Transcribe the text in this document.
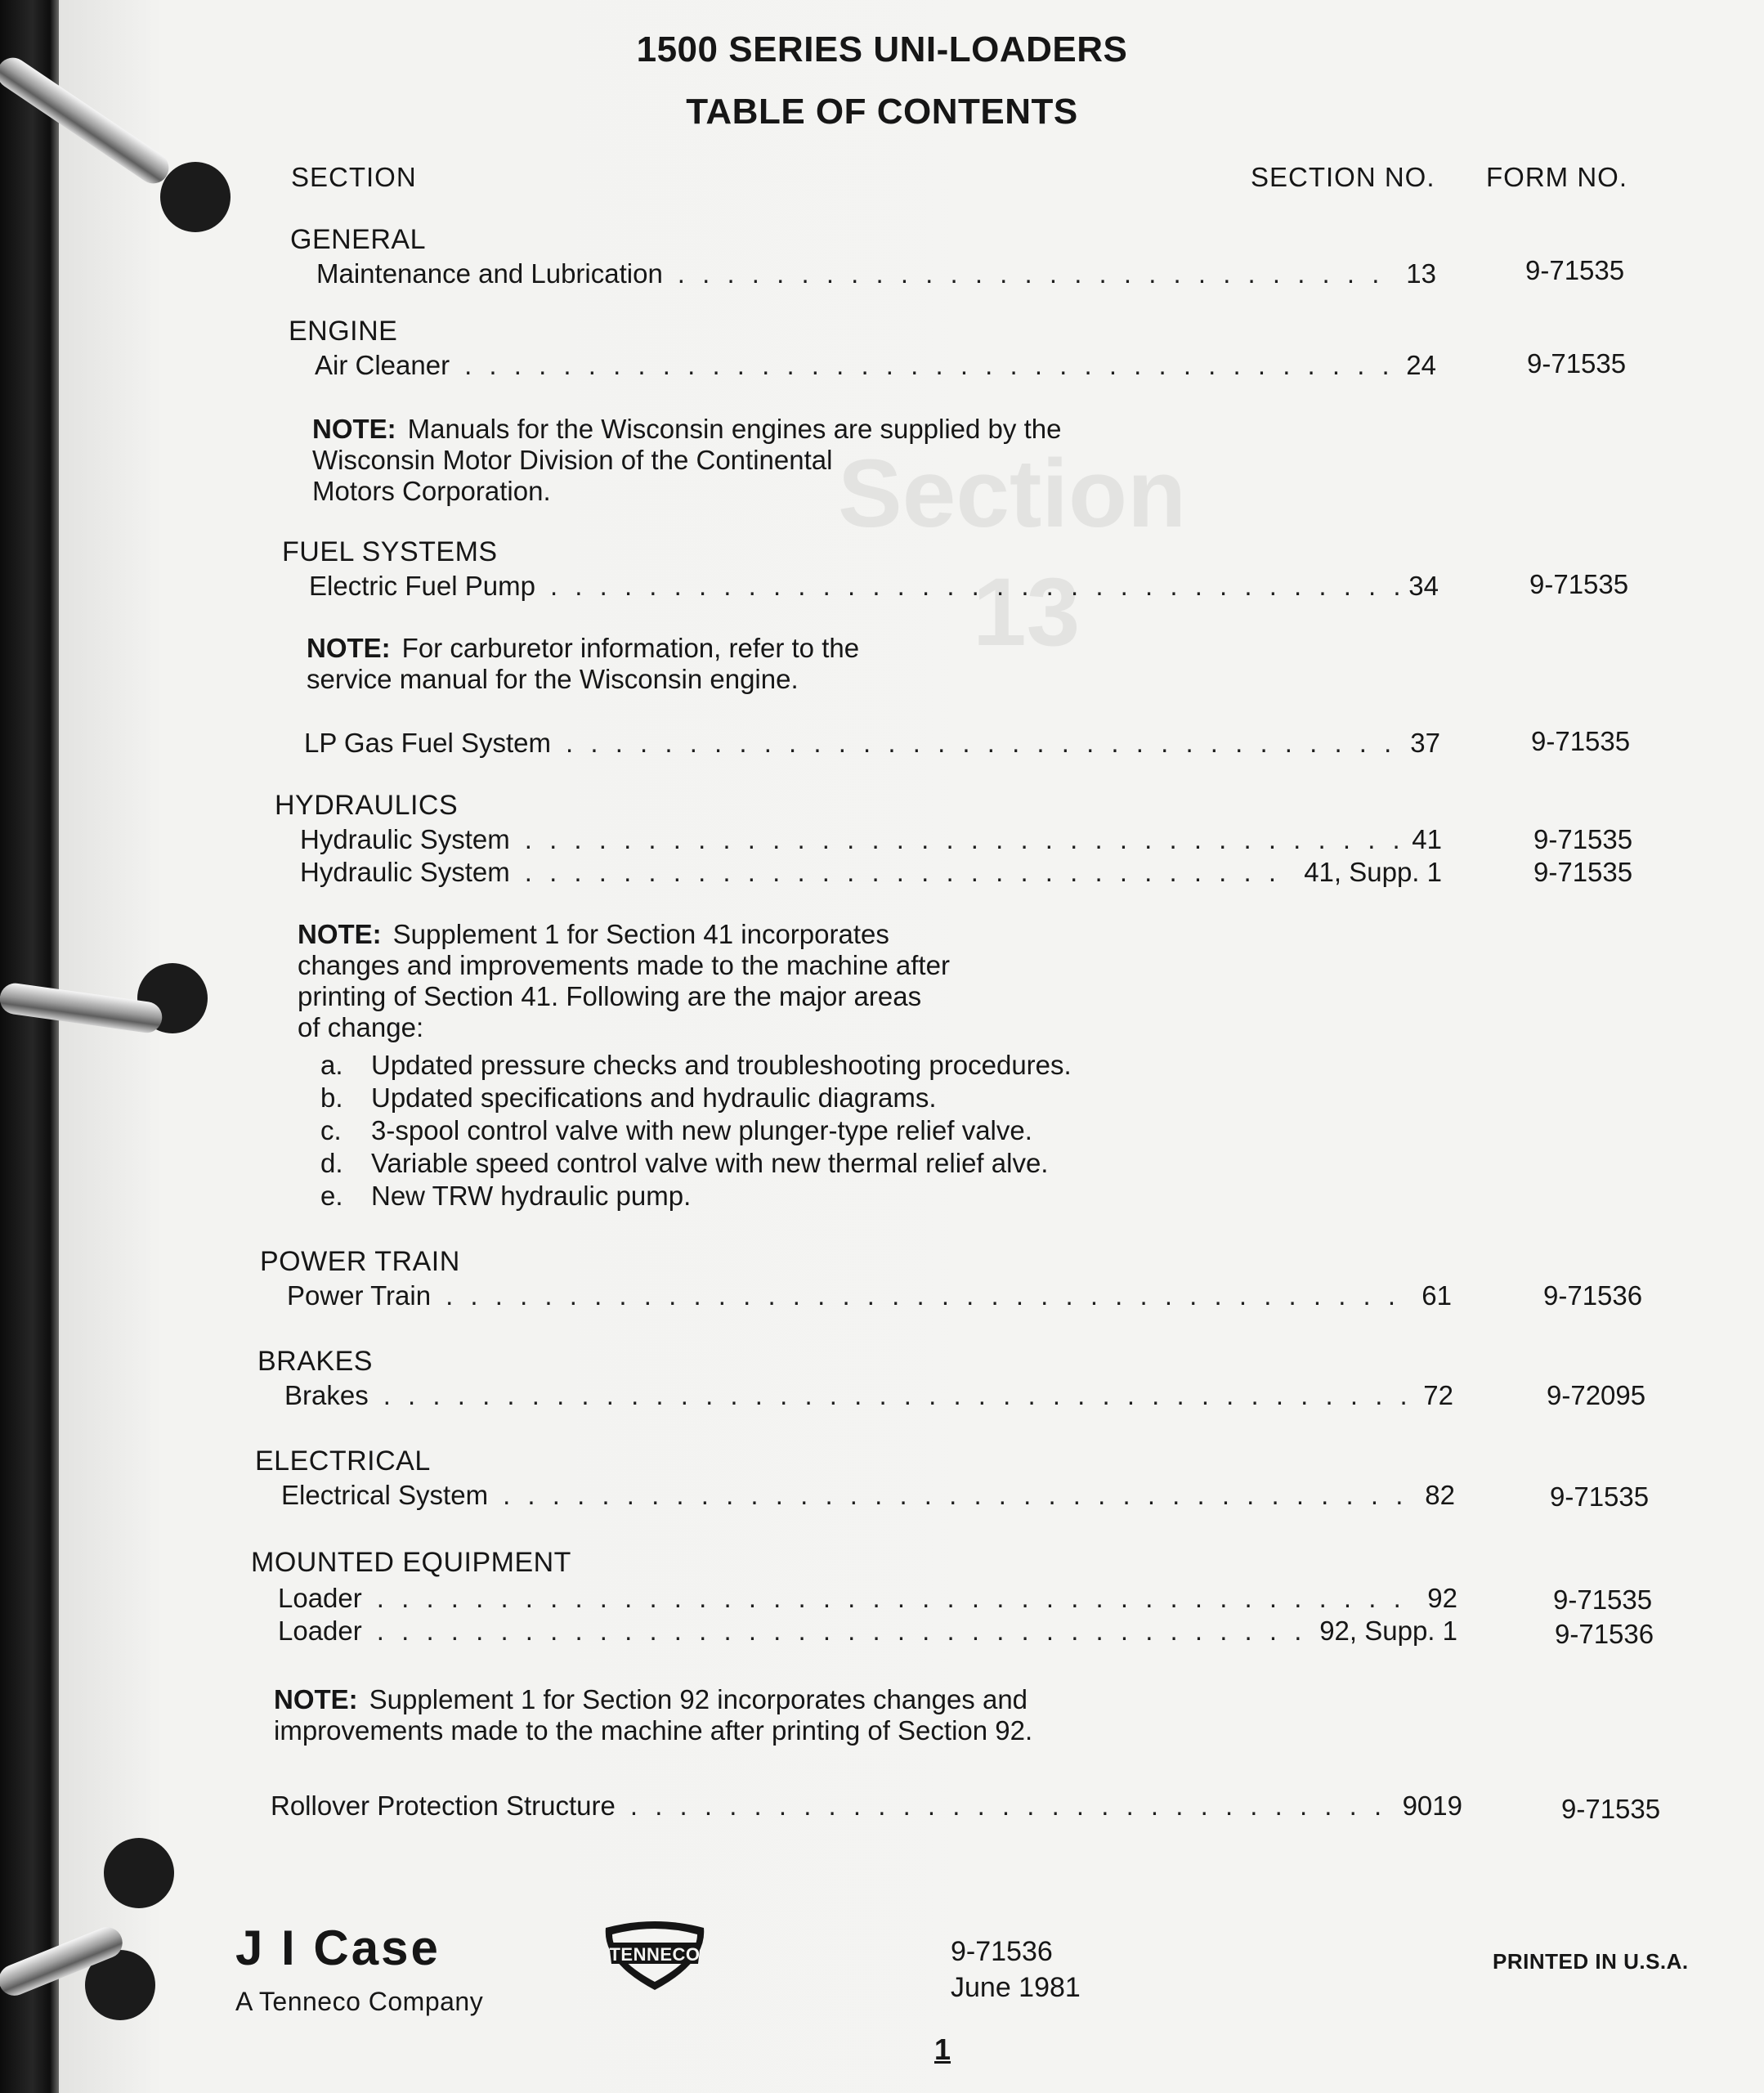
Section
13
1500 SERIES UNI-LOADERS
TABLE OF CONTENTS
SECTION	SECTION NO. FORM NO.
GENERAL
Maintenance and Lubrication . . .	13	9-71535
ENGINE
Air Cleaner . . .	24	9-71535
NOTE: Manuals for the Wisconsin engines are supplied by the
Wisconsin Motor Division of the Continental
Motors Corporation.
FUEL SYSTEMS
Electric Fuel Pump . . .	34	9-71535
NOTE: For carburetor information, refer to the
service manual for the Wisconsin engine.
LP Gas Fuel System . . .	37	9-71535
HYDRAULICS
Hydraulic System . . .	41	9-71535
Hydraulic System . . .	41, Supp. 1	9-71535
NOTE: Supplement 1 for Section 41 incorporates
changes and improvements made to the machine after
printing of Section 41. Following are the major areas
of change:
a.	Updated pressure checks and troubleshooting procedures.
b.	Updated specifications and hydraulic diagrams.
c.	3-spool control valve with new plunger-type relief valve.
d.	Variable speed control valve with new thermal relief alve.
e.	New TRW hydraulic pump.
POWER TRAIN
Power Train . . .	61	9-71536
BRAKES
Brakes . . .	72	9-72095
ELECTRICAL
Electrical System . . .	82	9-71535
MOUNTED EQUIPMENT
Loader . . .	92	9-71535
Loader . . .	92, Supp. 1	9-71536
NOTE: Supplement 1 for Section 92 incorporates changes and
improvements made to the machine after printing of Section 92.
Rollover Protection Structure . . .	9019	9-71535
J I Case
A Tenneco Company
TENNECO	9-71536
June 1981
PRINTED IN U.S.A.
1
